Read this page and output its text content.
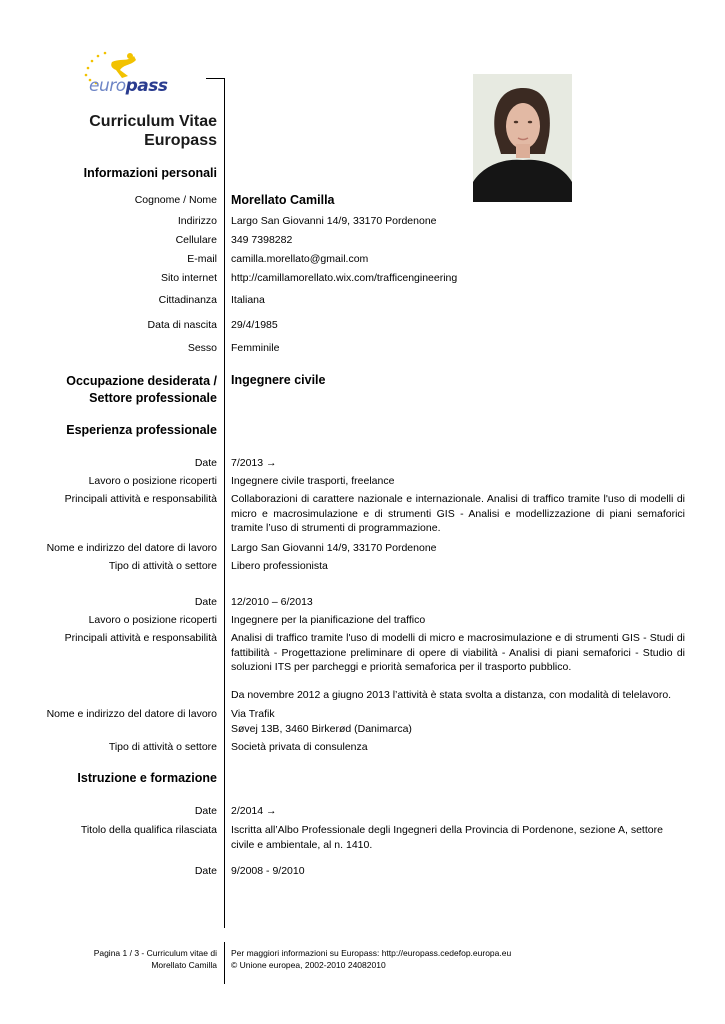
europass
Curriculum Vitae
Europass
Informazioni personali
Cognome / Nome Morellato Camilla
Indirizzo Largo San Giovanni 14/9, 33170 Pordenone
Cellulare 349 7398282
E-mail camilla.morellato@gmail.com
Sito internet http://camillamorellato.wix.com/trafficengineering
Cittadinanza Italiana
Data di nascita 29/4/1985
Sesso Femminile
Occupazione desiderata /
Settore professionale
Ingegnere civile
Esperienza professionale
Date 7/2013 →
Lavoro o posizione ricoperti Ingegnere civile trasporti, freelance
Principali attività e responsabilità Collaborazioni di carattere nazionale e internazionale. Analisi di traffico tramite l'uso di modelli di micro e macrosimulazione e di strumenti GIS - Analisi e modellizzazione di piani semaforici tramite l’uso di strumenti di programmazione.
Nome e indirizzo del datore di lavoro Largo San Giovanni 14/9, 33170 Pordenone
Tipo di attività o settore Libero professionista
Date 12/2010 – 6/2013
Lavoro o posizione ricoperti Ingegnere per la pianificazione del traffico
Principali attività e responsabilità Analisi di traffico tramite l'uso di modelli di micro e macrosimulazione e di strumenti GIS - Studi di fattibilità - Progettazione preliminare di opere di viabilità - Analisi di piani semaforici - Studio di soluzioni ITS per parcheggi e priorità semaforica per il trasporto pubblico.
Da novembre 2012 a giugno 2013 l’attività è stata svolta a distanza, con modalità di telelavoro.
Nome e indirizzo del datore di lavoro Via Trafik
Søvej 13B, 3460 Birkerød (Danimarca)
Tipo di attività o settore Società privata di consulenza
Istruzione e formazione
Date 2/2014 →
Titolo della qualifica rilasciata Iscritta all’Albo Professionale degli Ingegneri della Provincia di Pordenone, sezione A, settore civile e ambientale, al n. 1410.
Date 9/2008 - 9/2010
Pagina 1 / 3 - Curriculum vitae di
Morellato Camilla
Per maggiori informazioni su Europass: http://europass.cedefop.europa.eu
© Unione europea, 2002-2010 24082010
